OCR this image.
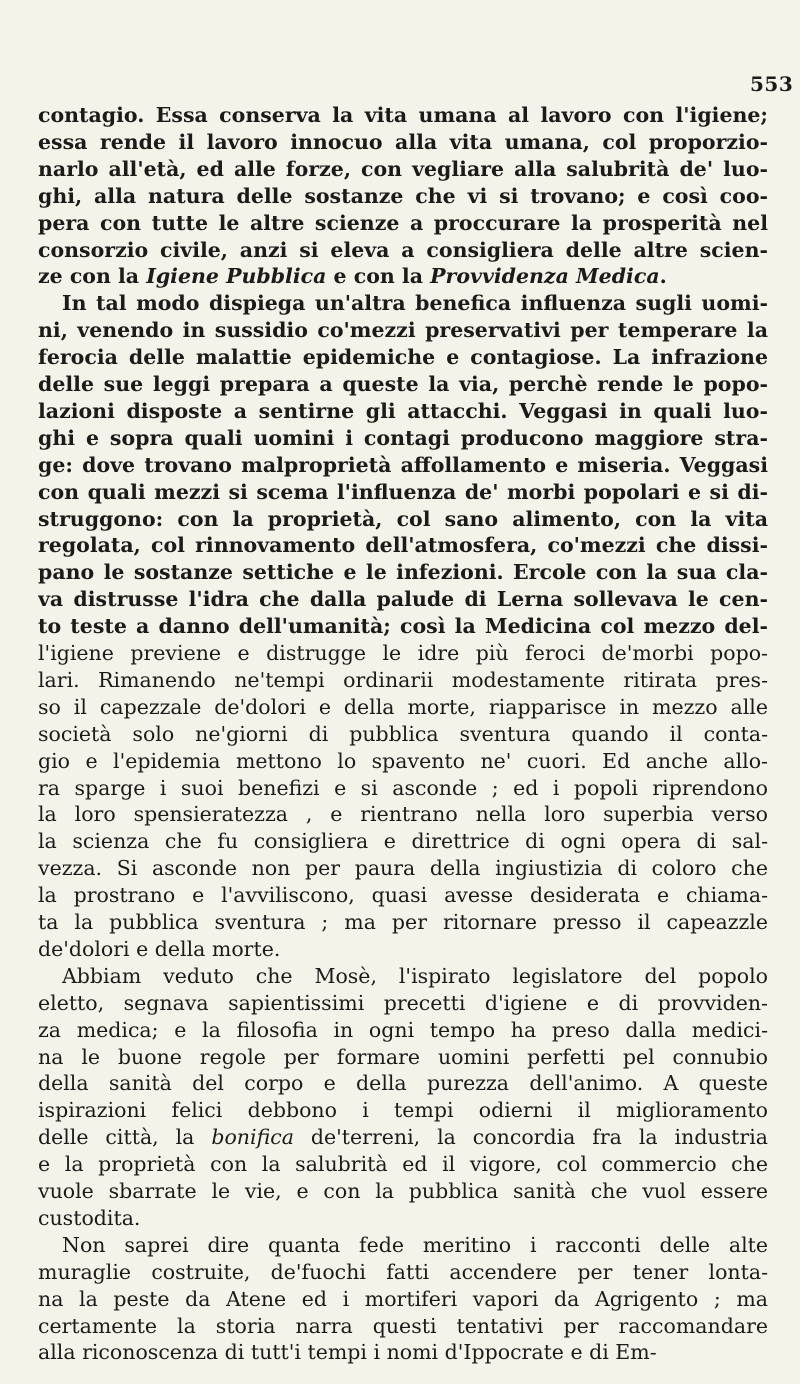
553
contagio. Essa conserva la vita umana al lavoro con l'igiene;
essa rende il lavoro innocuo alla vita umana, col proporzio-
narlo all'età, ed alle forze, con vegliare alla salubrità de' luo-
ghi, alla natura delle sostanze che vi si trovano; e così coo-
pera con tutte le altre scienze a proccurare la prosperità nel
consorzio civile, anzi si eleva a consigliera delle altre scien-
ze con la Igiene Pubblica e con la Provvidenza Medica.
In tal modo dispiega un'altra benefica influenza sugli uomi-
ni, venendo in sussidio co'mezzi preservativi per temperare la
ferocia delle malattie epidemiche e contagiose. La infrazione
delle sue leggi prepara a queste la via, perchè rende le popo-
lazioni disposte a sentirne gli attacchi. Veggasi in quali luo-
ghi e sopra quali uomini i contagi producono maggiore stra-
ge: dove trovano malproprietà affollamento e miseria. Veggasi
con quali mezzi si scema l'influenza de' morbi popolari e si di-
struggono: con la proprietà, col sano alimento, con la vita
regolata, col rinnovamento dell'atmosfera, co'mezzi che dissi-
pano le sostanze settiche e le infezioni. Ercole con la sua cla-
va distrusse l'idra che dalla palude di Lerna sollevava le cen-
to teste a danno dell'umanità; così la Medicina col mezzo del-
l'igiene previene e distrugge le idre più feroci de'morbi popo-
lari. Rimanendo ne'tempi ordinarii modestamente ritirata pres-
so il capezzale de'dolori e della morte, riapparisce in mezzo alle
società solo ne'giorni di pubblica sventura quando il conta-
gio e l'epidemia mettono lo spavento ne' cuori. Ed anche allo-
ra sparge i suoi benefizi e si asconde ; ed i popoli riprendono
la loro spensieratezza , e rientrano nella loro superbia verso
la scienza che fu consigliera e direttrice di ogni opera di sal-
vezza. Si asconde non per paura della ingiustizia di coloro che
la prostrano e l'avviliscono, quasi avesse desiderata e chiama-
ta la pubblica sventura ; ma per ritornare presso il capeazzle
de'dolori e della morte.
Abbiam veduto che Mosè, l'ispirato legislatore del popolo
eletto, segnava sapientissimi precetti d'igiene e di provviden-
za medica; e la filosofia in ogni tempo ha preso dalla medici-
na le buone regole per formare uomini perfetti pel connubio
della sanità del corpo e della purezza dell'animo. A queste
ispirazioni felici debbono i tempi odierni il miglioramento
delle città, la bonifica de'terreni, la concordia fra la industria
e la proprietà con la salubrità ed il vigore, col commercio che
vuole sbarrate le vie, e con la pubblica sanità che vuol essere
custodita.
Non saprei dire quanta fede meritino i racconti delle alte
muraglie costruite, de'fuochi fatti accendere per tener lonta-
na la peste da Atene ed i mortiferi vapori da Agrigento ; ma
certamente la storia narra questi tentativi per raccomandare
alla riconoscenza di tutt'i tempi i nomi d'Ippocrate e di Em-
